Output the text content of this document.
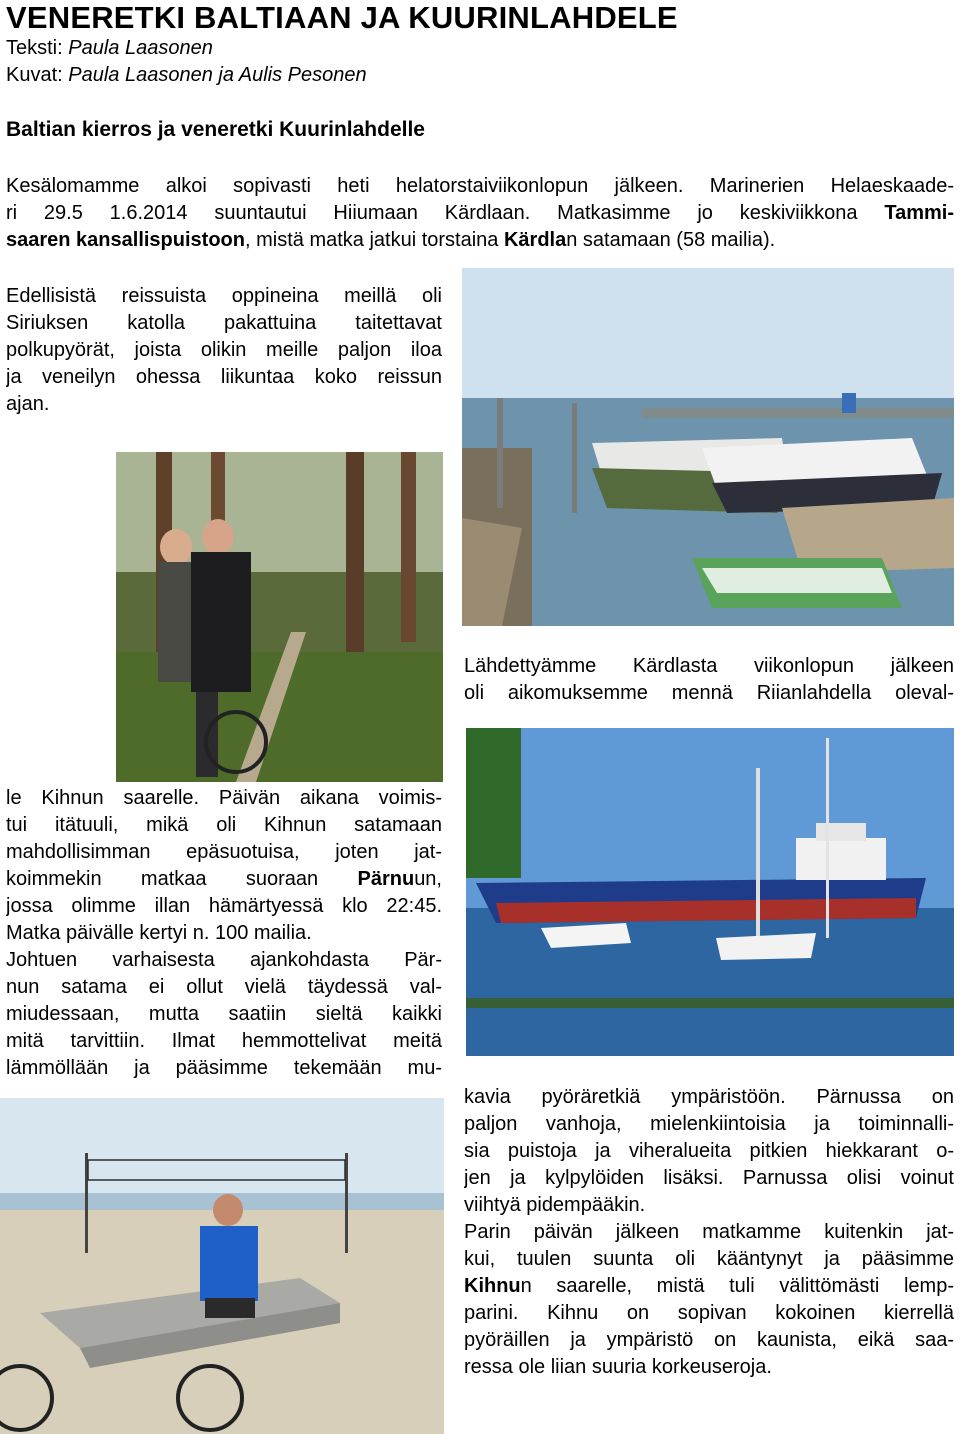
VENERETKI BALTIAAN JA KUURINLAHDELE
Teksti: Paula Laasonen
Kuvat: Paula Laasonen ja Aulis Pesonen
Baltian kierros ja veneretki Kuurinlahdelle
Kesälomamme alkoi sopivasti heti helatorstaiviikonlopun jälkeen. Marinerien Helaeskaade-
ri 29.5 1.6.2014 suuntautui Hiiumaan Kärdlaan. Matkasimme jo keskiviikkona Tammi-
saaren kansallispuistoon, mistä matka jatkui torstaina Kärdlan satamaan (58 mailia).
Edellisistä reissuista oppineina meillä oli
Siriuksen katolla pakattuina taitettavat
polkupyörät, joista olikin meille paljon iloa
ja veneilyn ohessa liikuntaa koko reissun
ajan.
Lähdettyämme Kärdlasta viikonlopun jälkeen
oli aikomuksemme mennä Riianlahdella oleval-
le Kihnun saarelle. Päivän aikana voimis-
tui itätuuli, mikä oli Kihnun satamaan
mahdollisimman epäsuotuisa, joten jat-
koimmekin matkaa suoraan Pärnuun,
jossa olimme illan hämärtyessä klo 22:45.
Matka päivälle kertyi n. 100 mailia.
Johtuen varhaisesta ajankohdasta Pär-
nun satama ei ollut vielä täydessä val-
miudessaan, mutta saatiin sieltä kaikki
mitä tarvittiin. Ilmat hemmottelivat meitä
lämmöllään ja pääsimme tekemään mu-
kavia pyöräretkiä ympäristöön. Pärnussa on
paljon vanhoja, mielenkiintoisia ja toiminnalli-
sia puistoja ja viheralueita pitkien hiekkarant o-
jen ja kylpylöiden lisäksi. Parnussa olisi voinut
viihtyä pidempääkin.
Parin päivän jälkeen matkamme kuitenkin jat-
kui, tuulen suunta oli kääntynyt ja pääsimme
Kihnun saarelle, mistä tuli välittömästi lemp-
parini. Kihnu on sopivan kokoinen kierrellä
pyöräillen ja ympäristö on kaunista, eikä saa-
ressa ole liian suuria korkeuseroja.
